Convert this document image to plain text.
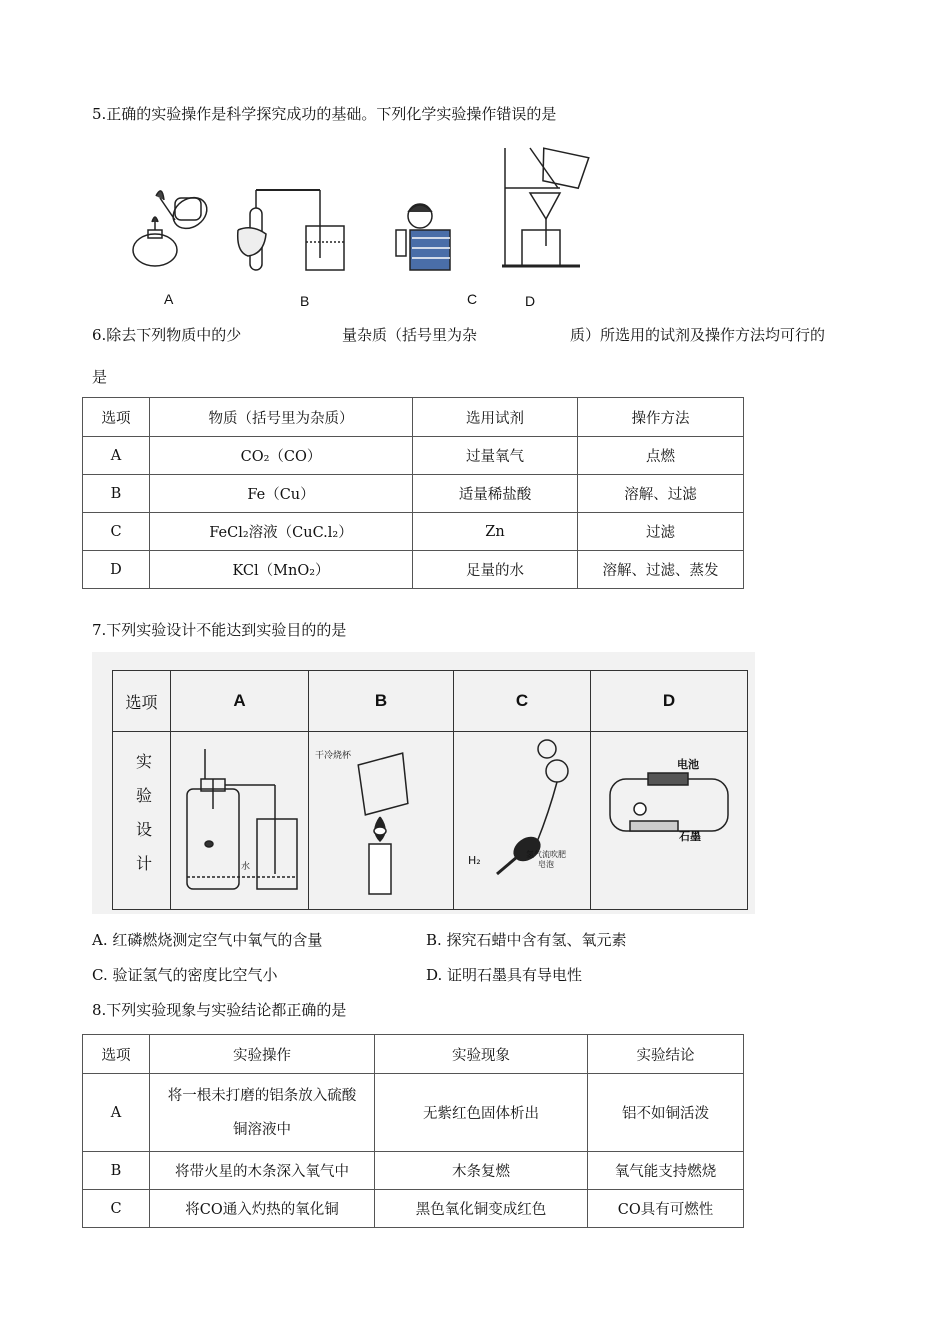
5.正确的实验操作是科学探究成功的基础。下列化学实验操作错误的是
A	B	C	D
6.除去下列物质中的少	量杂质（括号里为杂	质）所选用的试剂及操作方法均可行的
是
选项	物质（括号里为杂质）	选用试剂	操作方法
A	CO₂（CO）	过量氧气	点燃
B	Fe（Cu）	适量稀盐酸	溶解、过滤
C	FeCl₂溶液（CuC.l₂）	Zn	过滤
D	KCl（MnO₂）	足量的水	溶解、过滤、蒸发
7.下列实验设计不能达到实验目的的是
选项	A	B	C	D
实验设计	水	干冷烧杯	H₂ 氢气流吹肥皂泡	电池
石墨
A. 红磷燃烧测定空气中氧气的含量	B. 探究石蜡中含有氢、氧元素
C. 验证氢气的密度比空气小	D. 证明石墨具有导电性
8.下列实验现象与实验结论都正确的是
选项	实验操作	实验现象	实验结论
A	将一根未打磨的铝条放入硫酸铜溶液中	无紫红色固体析出	铝不如铜活泼
B	将带火星的木条深入氧气中	木条复燃	氧气能支持燃烧
C	将CO通入灼热的氧化铜	黑色氧化铜变成红色	CO具有可燃性
